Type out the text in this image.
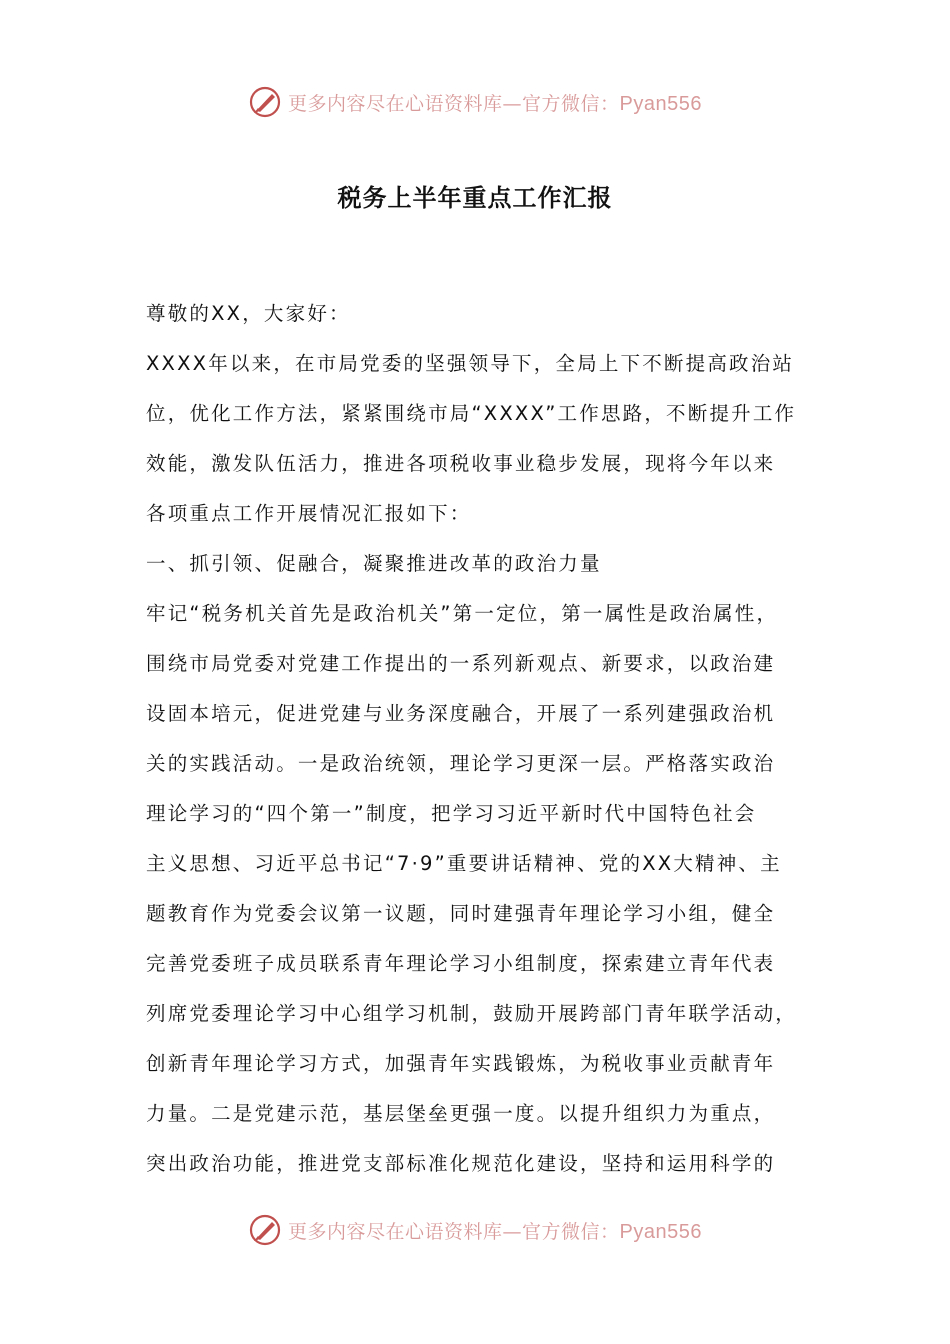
更多内容尽在心语资料库—官方微信：Pyan556
税务上半年重点工作汇报
尊敬的XX，大家好：
XXXX年以来，在市局党委的坚强领导下，全局上下不断提高政治站
位，优化工作方法，紧紧围绕市局“XXXX”工作思路，不断提升工作
效能，激发队伍活力，推进各项税收事业稳步发展，现将今年以来
各项重点工作开展情况汇报如下：
一、抓引领、促融合，凝聚推进改革的政治力量
牢记“税务机关首先是政治机关”第一定位，第一属性是政治属性，
围绕市局党委对党建工作提出的一系列新观点、新要求，以政治建
设固本培元，促进党建与业务深度融合，开展了一系列建强政治机
关的实践活动。一是政治统领，理论学习更深一层。严格落实政治
理论学习的“四个第一”制度，把学习习近平新时代中国特色社会
主义思想、习近平总书记“7·9”重要讲话精神、党的XX大精神、主
题教育作为党委会议第一议题，同时建强青年理论学习小组，健全
完善党委班子成员联系青年理论学习小组制度，探索建立青年代表
列席党委理论学习中心组学习机制，鼓励开展跨部门青年联学活动，
创新青年理论学习方式，加强青年实践锻炼，为税收事业贡献青年
力量。二是党建示范，基层堡垒更强一度。以提升组织力为重点，
突出政治功能，推进党支部标准化规范化建设，坚持和运用科学的
更多内容尽在心语资料库—官方微信：Pyan556
